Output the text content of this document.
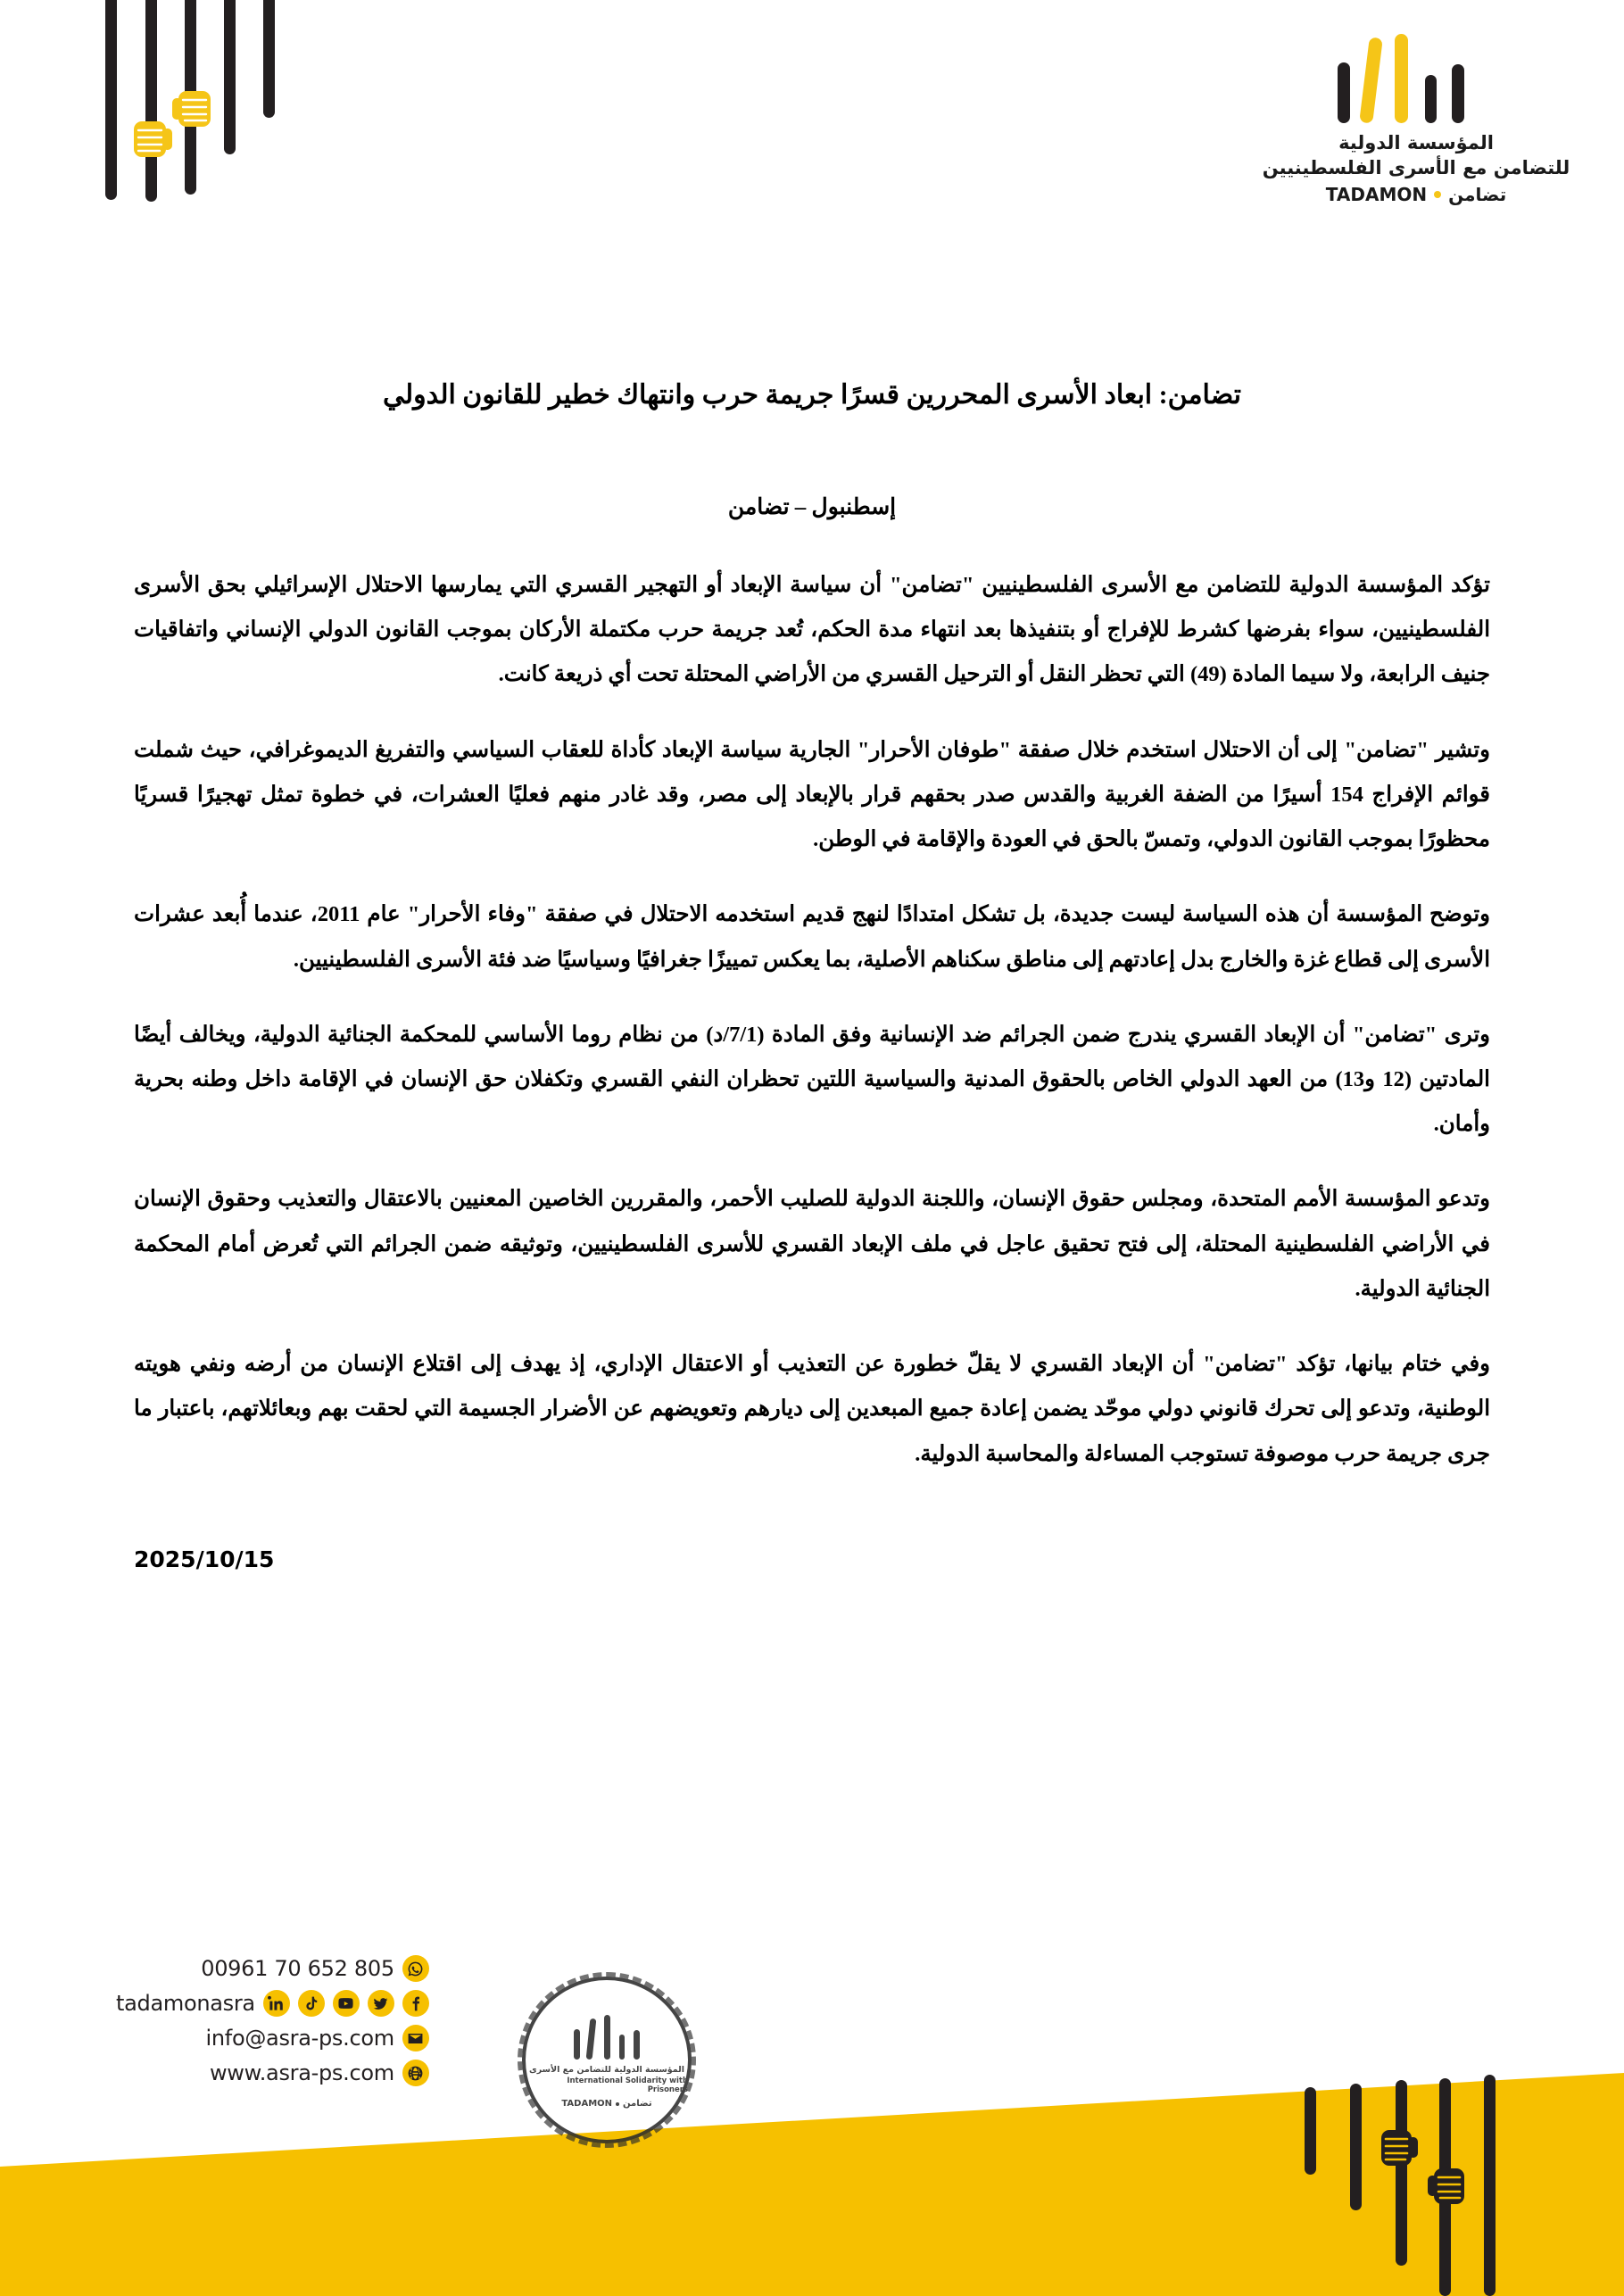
المؤسسة الدولية
للتضامن مع الأسرى الفلسطينيين
تضامن
TADAMON
تضامن: ابعاد الأسرى المحررين قسرًا جريمة حرب وانتهاك خطير للقانون الدولي
إسطنبول – تضامن

تؤكد المؤسسة الدولية للتضامن مع الأسرى الفلسطينيين "تضامن" أن سياسة الإبعاد أو التهجير القسري التي يمارسها الاحتلال الإسرائيلي بحق الأسرى الفلسطينيين، سواء بفرضها كشرط للإفراج أو بتنفيذها بعد انتهاء مدة الحكم، تُعد جريمة حرب مكتملة الأركان بموجب القانون الدولي الإنساني واتفاقيات جنيف الرابعة، ولا سيما المادة (49) التي تحظر النقل أو الترحيل القسري من الأراضي المحتلة تحت أي ذريعة كانت.

وتشير "تضامن" إلى أن الاحتلال استخدم خلال صفقة "طوفان الأحرار" الجارية سياسة الإبعاد كأداة للعقاب السياسي والتفريغ الديموغرافي، حيث شملت قوائم الإفراج 154 أسيرًا من الضفة الغربية والقدس صدر بحقهم قرار بالإبعاد إلى مصر، وقد غادر منهم فعليًا العشرات، في خطوة تمثل تهجيرًا قسريًا محظورًا بموجب القانون الدولي، وتمسّ بالحق في العودة والإقامة في الوطن.

وتوضح المؤسسة أن هذه السياسة ليست جديدة، بل تشكل امتدادًا لنهج قديم استخدمه الاحتلال في صفقة "وفاء الأحرار" عام 2011، عندما أُبعد عشرات الأسرى إلى قطاع غزة والخارج بدل إعادتهم إلى مناطق سكناهم الأصلية، بما يعكس تمييزًا جغرافيًا وسياسيًا ضد فئة الأسرى الفلسطينيين.

وترى "تضامن" أن الإبعاد القسري يندرج ضمن الجرائم ضد الإنسانية وفق المادة (7/1/د) من نظام روما الأساسي للمحكمة الجنائية الدولية، ويخالف أيضًا المادتين (12 و13) من العهد الدولي الخاص بالحقوق المدنية والسياسية اللتين تحظران النفي القسري وتكفلان حق الإنسان في الإقامة داخل وطنه بحرية وأمان.

وتدعو المؤسسة الأمم المتحدة، ومجلس حقوق الإنسان، واللجنة الدولية للصليب الأحمر، والمقررين الخاصين المعنيين بالاعتقال والتعذيب وحقوق الإنسان في الأراضي الفلسطينية المحتلة، إلى فتح تحقيق عاجل في ملف الإبعاد القسري للأسرى الفلسطينيين، وتوثيقه ضمن الجرائم التي تُعرض أمام المحكمة الجنائية الدولية.

وفي ختام بيانها، تؤكد "تضامن" أن الإبعاد القسري لا يقلّ خطورة عن التعذيب أو الاعتقال الإداري، إذ يهدف إلى اقتلاع الإنسان من أرضه ونفي هويته الوطنية، وتدعو إلى تحرك قانوني دولي موحّد يضمن إعادة جميع المبعدين إلى ديارهم وتعويضهم عن الأضرار الجسيمة التي لحقت بهم وبعائلاتهم، باعتبار ما جرى جريمة حرب موصوفة تستوجب المساءلة والمحاسبة الدولية.

2025/10/15
00961 70 652 805
tadamonasra
info@asra-ps.com
www.asra-ps.com	المؤسسة الدولية للتضامن مع الأسرى
International Solidarity with Prisoners
تضامن
TADAMON
